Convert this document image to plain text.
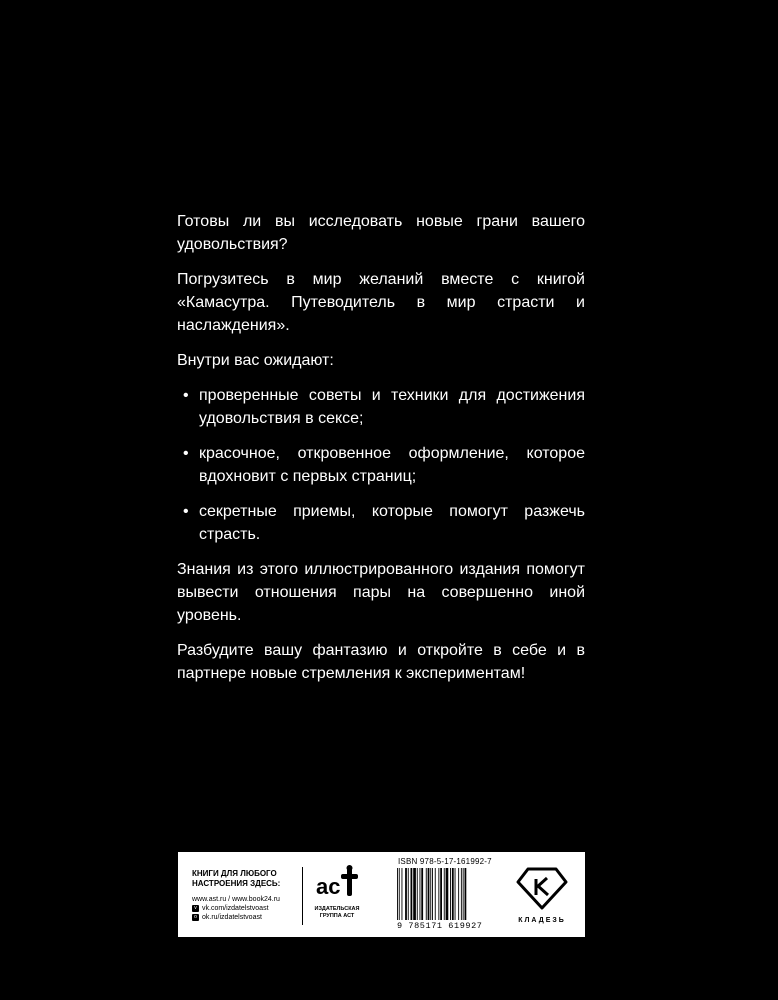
Готовы ли вы исследовать новые грани вашего удовольствия?

Погрузитесь в мир желаний вместе с книгой «Камасутра. Путеводитель в мир страсти и наслаждения».

Внутри вас ожидают:

• проверенные советы и техники для достижения удовольствия в сексе;
• красочное, откровенное оформление, которое вдохновит с первых страниц;
• секретные приемы, которые помогут разжечь страсть.

Знания из этого иллюстрированного издания помогут вывести отношения пары на совершенно иной уровень.

Разбудите вашу фантазию и откройте в себе и в партнере новые стремления к экспериментам!

КНИГИ ДЛЯ ЛЮБОГО
НАСТРОЕНИЯ ЗДЕСЬ:
www.ast.ru / www.book24.ru
v vk.com/izdatelstvoast
o ok.ru/izdatelstvoast
ас
ИЗДАТЕЛЬСКАЯ
ГРУППА АСТ
ISBN 978-5-17-161992-7
9 785171 619927
КЛАДЕЗЬ
